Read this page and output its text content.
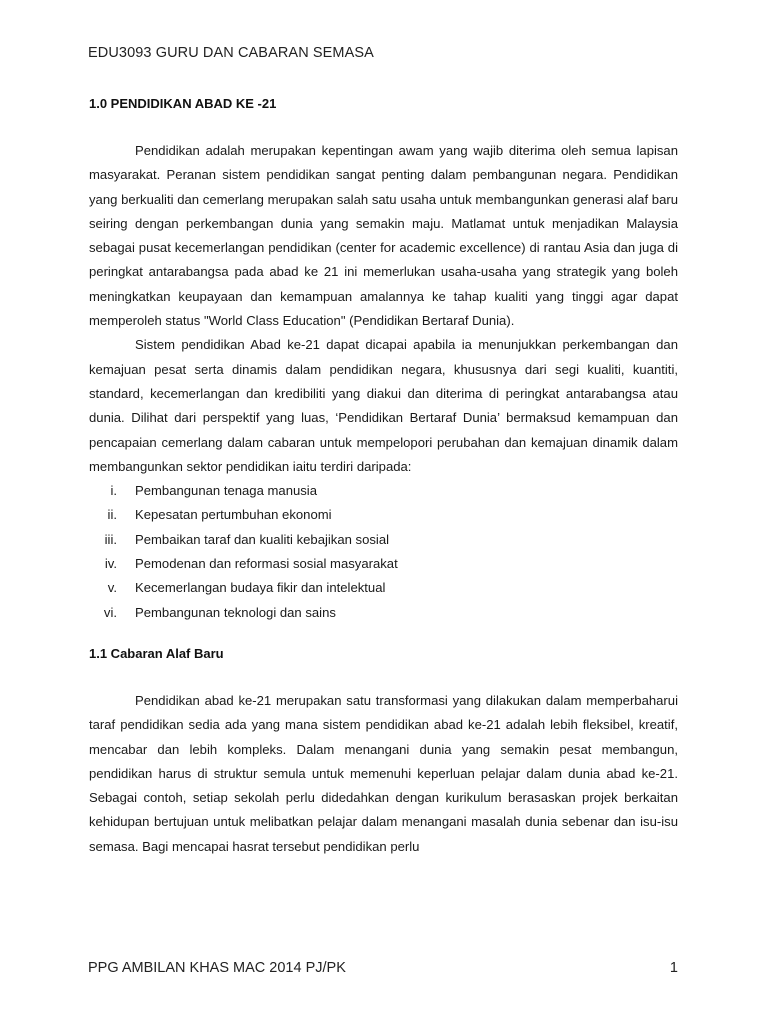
EDU3093 GURU DAN CABARAN SEMASA
1.0 PENDIDIKAN ABAD KE -21

Pendidikan adalah merupakan kepentingan awam yang wajib diterima oleh semua lapisan masyarakat. Peranan sistem pendidikan sangat penting dalam pembangunan negara. Pendidikan yang berkualiti dan cemerlang merupakan salah satu usaha untuk membangunkan generasi alaf baru seiring dengan perkembangan dunia yang semakin maju. Matlamat untuk menjadikan Malaysia sebagai pusat kecemerlangan pendidikan (center for academic excellence) di rantau Asia dan juga di peringkat antarabangsa pada abad ke 21 ini memerlukan usaha-usaha yang strategik yang boleh meningkatkan keupayaan dan kemampuan amalannya ke tahap kualiti yang tinggi agar dapat memperoleh status "World Class Education" (Pendidikan Bertaraf Dunia).

Sistem pendidikan Abad ke-21 dapat dicapai apabila ia menunjukkan perkembangan dan kemajuan pesat serta dinamis dalam pendidikan negara, khususnya dari segi kualiti, kuantiti, standard, kecemerlangan dan kredibiliti yang diakui dan diterima di peringkat antarabangsa atau dunia. Dilihat dari perspektif yang luas, ‘Pendidikan Bertaraf Dunia’ bermaksud kemampuan dan pencapaian cemerlang dalam cabaran untuk mempelopori perubahan dan kemajuan dinamik dalam membangunkan sektor pendidikan iaitu terdiri daripada:

i. Pembangunan tenaga manusia
ii. Kepesatan pertumbuhan ekonomi
iii. Pembaikan taraf dan kualiti kebajikan sosial
iv. Pemodenan dan reformasi sosial masyarakat
v. Kecemerlangan budaya fikir dan intelektual
vi. Pembangunan teknologi dan sains
1.1 Cabaran Alaf Baru

Pendidikan abad ke-21 merupakan satu transformasi yang dilakukan dalam memperbaharui taraf pendidikan sedia ada yang mana sistem pendidikan abad ke-21 adalah lebih fleksibel, kreatif, mencabar dan lebih kompleks. Dalam menangani dunia yang semakin pesat membangun, pendidikan harus di struktur semula untuk memenuhi keperluan pelajar dalam dunia abad ke-21. Sebagai contoh, setiap sekolah perlu didedahkan dengan kurikulum berasaskan projek berkaitan kehidupan bertujuan untuk melibatkan pelajar dalam menangani masalah dunia sebenar dan isu-isu semasa. Bagi mencapai hasrat tersebut pendidikan perlu

PPG AMBILAN KHAS MAC 2014 PJ/PK	1
